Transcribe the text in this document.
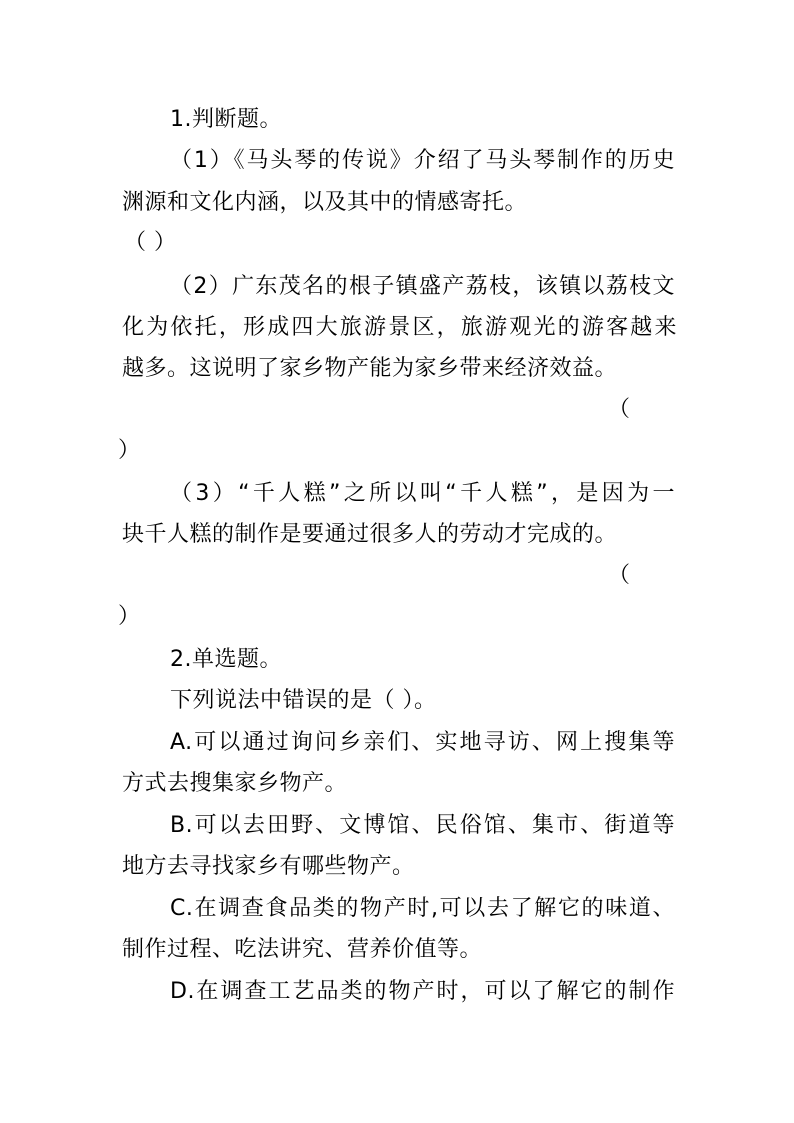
1.判断题。
（1）《马头琴的传说》介绍了马头琴制作的历史
渊源和文化内涵，以及其中的情感寄托。
（ ）
（2）广东茂名的根子镇盛产荔枝，该镇以荔枝文
化为依托，形成四大旅游景区，旅游观光的游客越来
越多。这说明了家乡物产能为家乡带来经济效益。
（
）
（3）“千人糕”之所以叫“千人糕”，是因为一
块千人糕的制作是要通过很多人的劳动才完成的。
（
）
2.单选题。
下列说法中错误的是（ ）。
A.可以通过询问乡亲们、实地寻访、网上搜集等
方式去搜集家乡物产。
B.可以去田野、文博馆、民俗馆、集市、街道等
地方去寻找家乡有哪些物产。
C.在调查食品类的物产时,可以去了解它的味道、
制作过程、吃法讲究、营养价值等。
D.在调查工艺品类的物产时，可以了解它的制作
